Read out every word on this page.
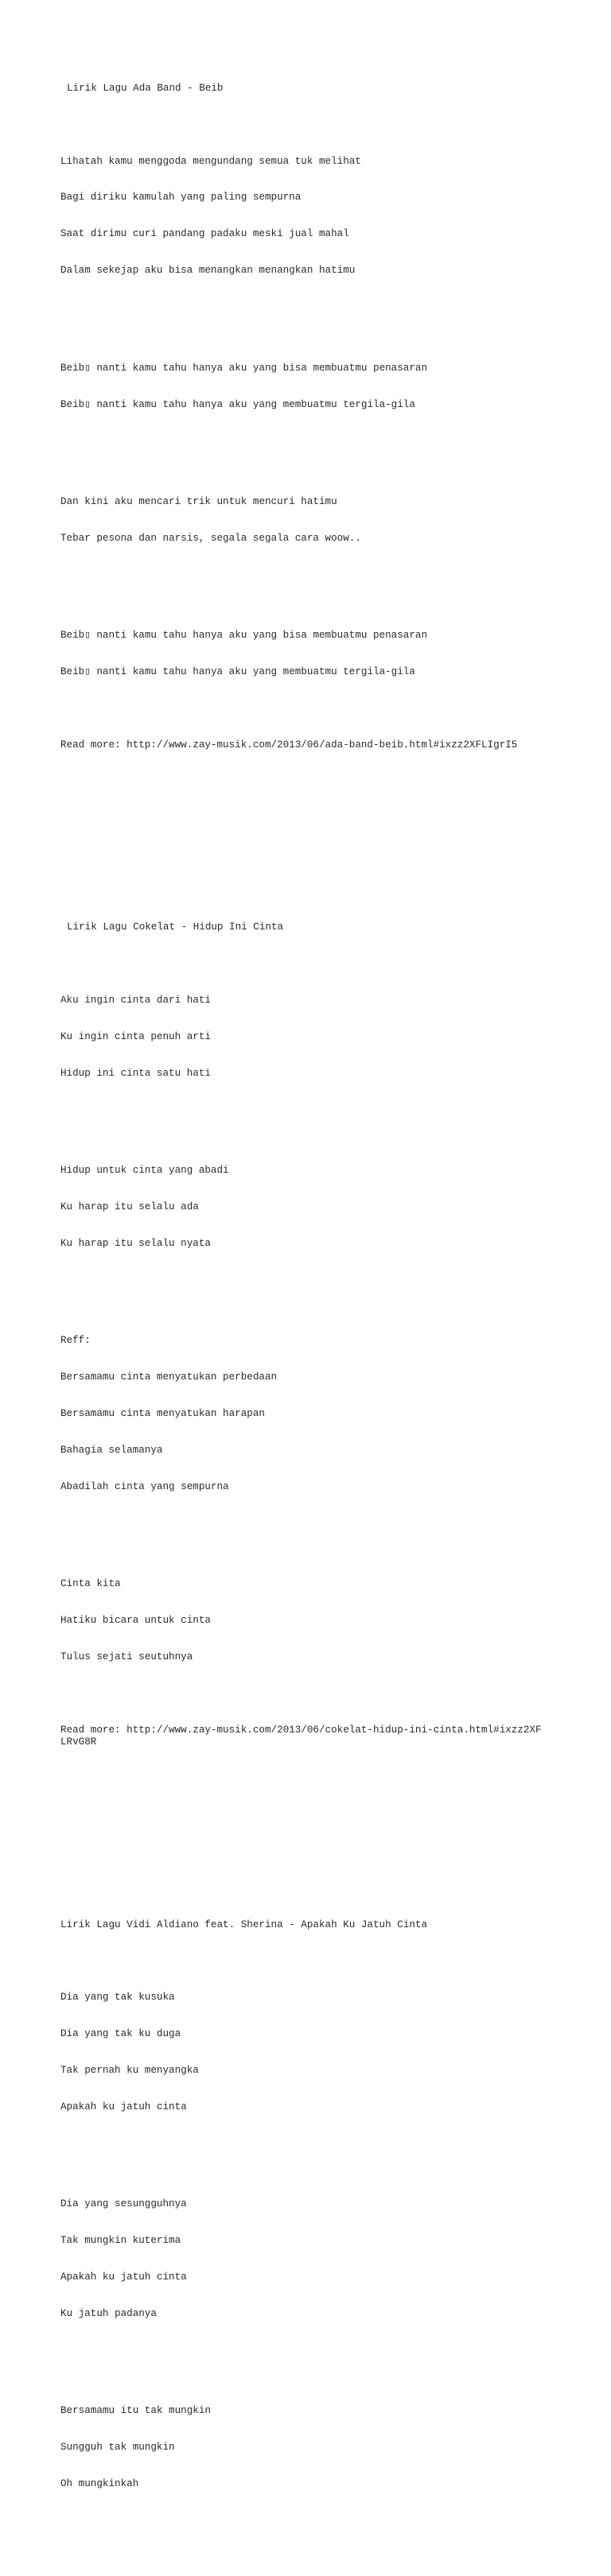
Lirik Lagu Ada Band - Beib

Lihatah kamu menggoda mengundang semua tuk melihat

Bagi diriku kamulah yang paling sempurna

Saat dirimu curi pandang padaku meski jual mahal

Dalam sekejap aku bisa menangkan menangkan hatimu

Beib▯ nanti kamu tahu hanya aku yang bisa membuatmu penasaran

Beib▯ nanti kamu tahu hanya aku yang membuatmu tergila-gila

Dan kini aku mencari trik untuk mencuri hatimu

Tebar pesona dan narsis, segala segala cara woow..

Beib▯ nanti kamu tahu hanya aku yang bisa membuatmu penasaran

Beib▯ nanti kamu tahu hanya aku yang membuatmu tergila-gila

Read more: http://www.zay-musik.com/2013/06/ada-band-beib.html#ixzz2XFLIgrI5

Lirik Lagu Cokelat - Hidup Ini Cinta

Aku ingin cinta dari hati

Ku ingin cinta penuh arti

Hidup ini cinta satu hati

Hidup untuk cinta yang abadi

Ku harap itu selalu ada

Ku harap itu selalu nyata

Reff:

Bersamamu cinta menyatukan perbedaan

Bersamamu cinta menyatukan harapan

Bahagia selamanya

Abadilah cinta yang sempurna

Cinta kita

Hatiku bicara untuk cinta

Tulus sejati seutuhnya

Read more: http://www.zay-musik.com/2013/06/cokelat-hidup-ini-cinta.html#ixzz2XF
LRvG8R

Lirik Lagu Vidi Aldiano feat. Sherina - Apakah Ku Jatuh Cinta

Dia yang tak kusuka

Dia yang tak ku duga

Tak pernah ku menyangka

Apakah ku jatuh cinta

Dia yang sesungguhnya

Tak mungkin kuterima

Apakah ku jatuh cinta

Ku jatuh padanya

Bersamamu itu tak mungkin

Sungguh tak mungkin

Oh mungkinkah
